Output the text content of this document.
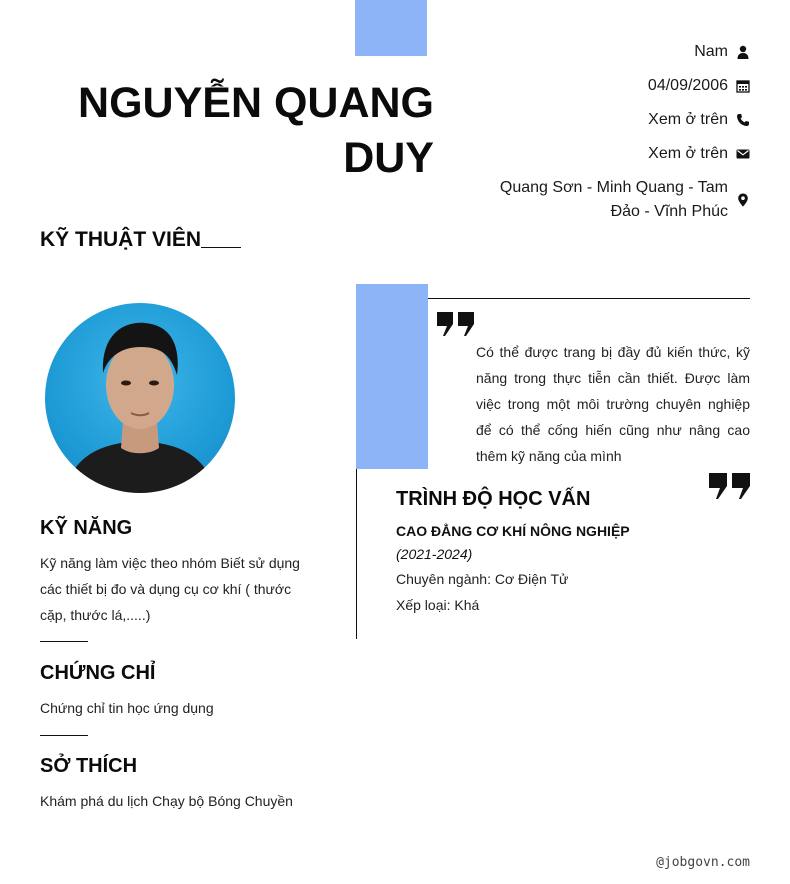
NGUYỄN QUANG DUY
KỸ THUẬT VIÊN
Nam
04/09/2006
Xem ở trên
Xem ở trên
Quang Sơn - Minh Quang - Tam Đảo - Vĩnh Phúc
KỸ NĂNG
Kỹ năng làm việc theo nhóm Biết sử dụng các thiết bị đo và dụng cụ cơ khí ( thước cặp, thước lá,.....)
CHỨNG CHỈ
Chứng chỉ tin học ứng dụng
SỞ THÍCH
Khám phá du lịch Chạy bộ Bóng Chuyền
Có thể được trang bị đầy đủ kiến thức, kỹ năng trong thực tiễn cần thiết. Được làm việc trong một môi trường chuyên nghiệp để có thể cống hiến cũng như nâng cao thêm kỹ năng của mình
TRÌNH ĐỘ HỌC VẤN
CAO ĐẲNG CƠ KHÍ NÔNG NGHIỆP
(2021-2024)
Chuyên ngành: Cơ Điện Tử
Xếp loại: Khá
@jobgovn.com
